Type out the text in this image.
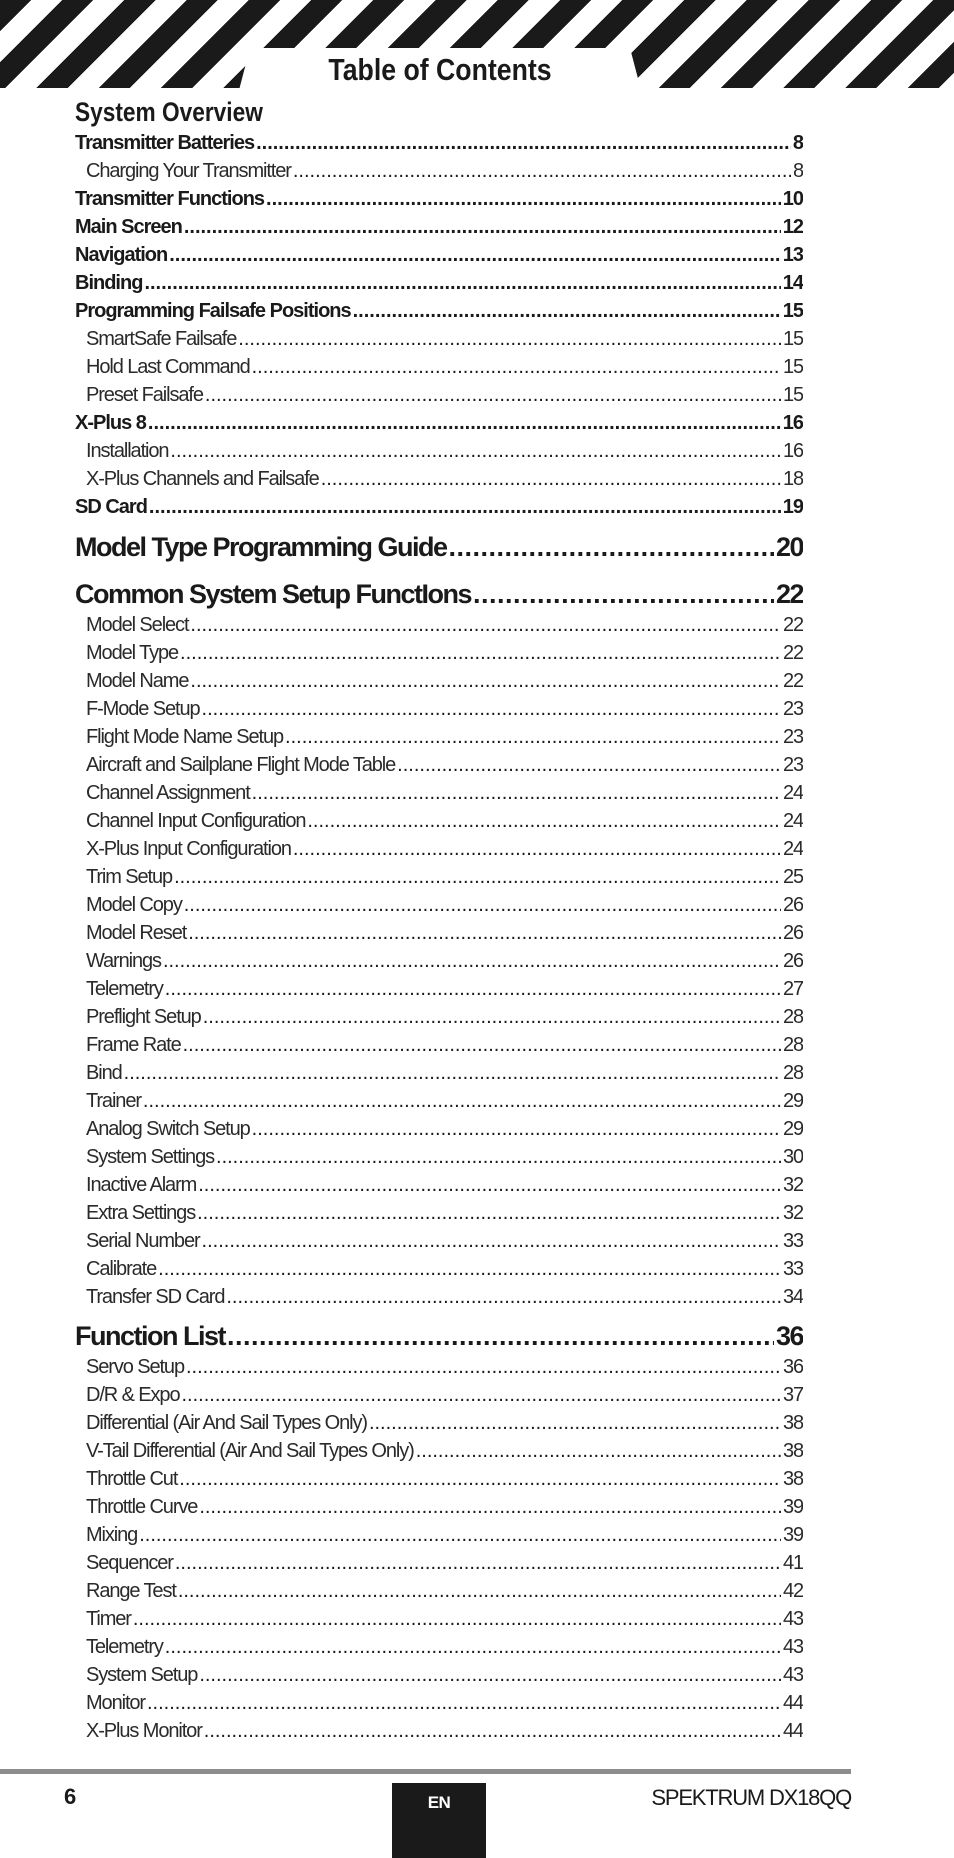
Table of Contents
System Overview
Transmitter Batteries .....	8
Charging Your Transmitter .....	8
Transmitter Functions .....	10
Main Screen .....	12
Navigation .....	13
Binding .....	14
Programming Failsafe Positions .....	15
SmartSafe Failsafe .....	15
Hold Last Command .....	15
Preset Failsafe .....	15
X-Plus 8 .....	16
Installation .....	16
X-Plus Channels and Failsafe .....	18
SD Card .....	19
Model Type Programming Guide .....	20
Common System Setup FunctIons .....	22
Model Select .....	22
Model Type .....	22
Model Name .....	22
F-Mode Setup .....	23
Flight Mode Name Setup .....	23
Aircraft and Sailplane Flight Mode Table .....	23
Channel Assignment .....	24
Channel Input Configuration .....	24
X-Plus Input Configuration .....	24
Trim Setup .....	25
Model Copy .....	26
Model Reset .....	26
Warnings .....	26
Telemetry .....	27
Preflight Setup .....	28
Frame Rate .....	28
Bind .....	28
Trainer .....	29
Analog Switch Setup .....	29
System Settings .....	30
Inactive Alarm .....	32
Extra Settings .....	32
Serial Number .....	33
Calibrate .....	33
Transfer SD Card .....	34
Function List .....	36
Servo Setup .....	36
D/R & Expo .....	37
Differential (Air And Sail Types Only) .....	38
V-Tail Differential (Air And Sail Types Only) .....	38
Throttle Cut .....	38
Throttle Curve .....	39
Mixing .....	39
Sequencer .....	41
Range Test .....	42
Timer .....	43
Telemetry .....	43
System Setup .....	43
Monitor .....	44
X-Plus Monitor .....	44
6	EN	SPEKTRUM DX18QQ
